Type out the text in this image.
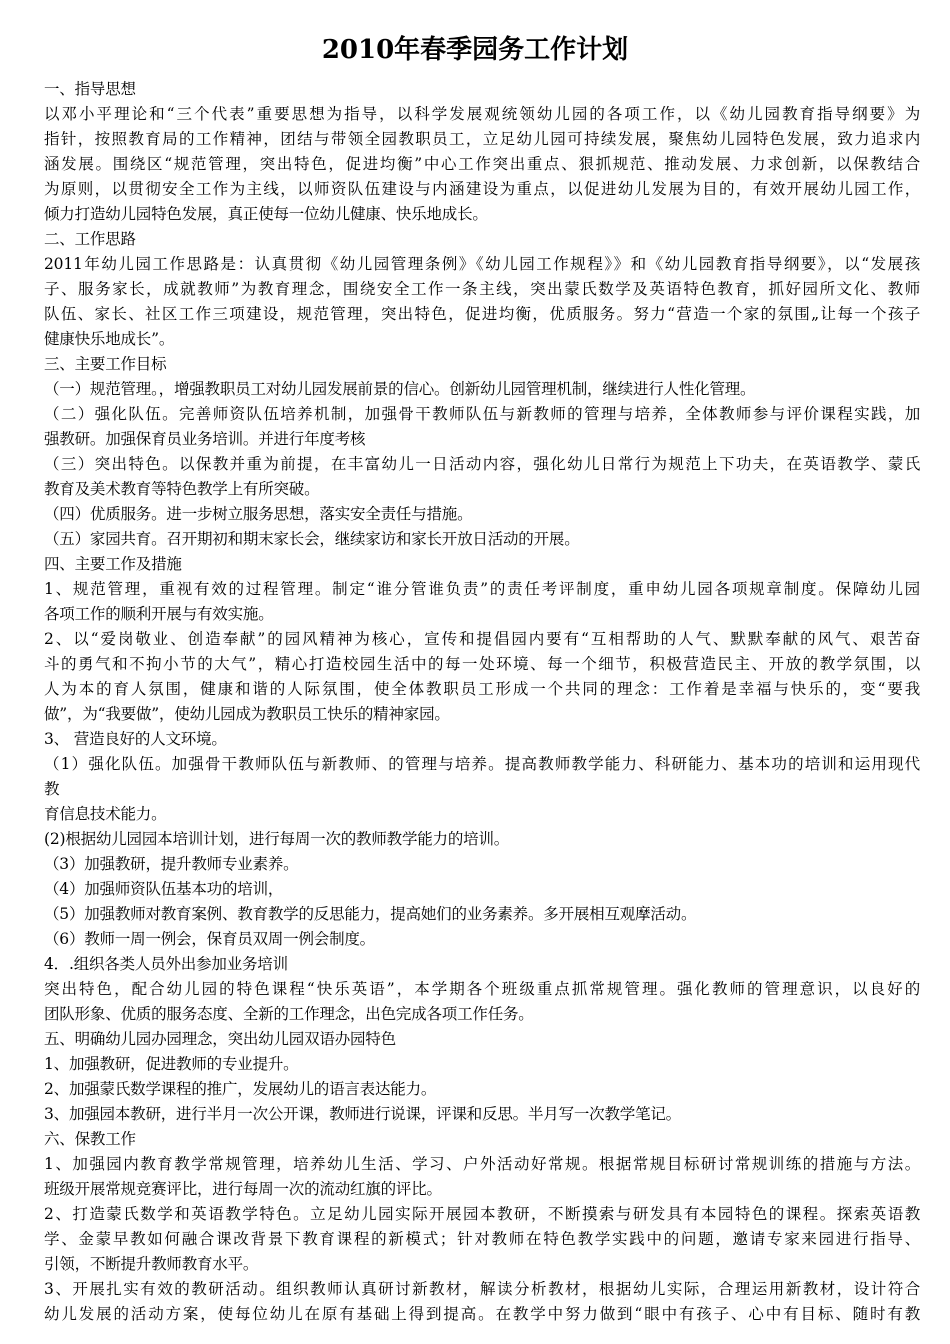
2010年春季园务工作计划
一、指导思想
以邓小平理论和“三个代表”重要思想为指导，以科学发展观统领幼儿园的各项工作，以《幼儿园教育指导纲要》为
指针，按照教育局的工作精神，团结与带领全园教职员工，立足幼儿园可持续发展，聚焦幼儿园特色发展，致力追求内
涵发展。围绕区“规范管理，突出特色，促进均衡”中心工作突出重点、狠抓规范、推动发展、力求创新，以保教结合
为原则，以贯彻安全工作为主线，以师资队伍建设与内涵建设为重点，以促进幼儿发展为目的，有效开展幼儿园工作，
倾力打造幼儿园特色发展，真正使每一位幼儿健康、快乐地成长。
二、工作思路
2011年幼儿园工作思路是：认真贯彻《幼儿园管理条例》《幼儿园工作规程》》和《幼儿园教育指导纲要》，以“发展孩
子、服务家长，成就教师”为教育理念，围绕安全工作一条主线，突出蒙氏数学及英语特色教育，抓好园所文化、教师
队伍、家长、社区工作三项建设，规范管理，突出特色，促进均衡，优质服务。努力“营造一个家的氛围„让每一个孩子
健康快乐地成长”。
三、主要工作目标
（一）规范管理。，增强教职员工对幼儿园发展前景的信心。创新幼儿园管理机制，继续进行人性化管理。
（二）强化队伍。完善师资队伍培养机制，加强骨干教师队伍与新教师的管理与培养，全体教师参与评价课程实践，加
强教研。加强保育员业务培训。并进行年度考核
（三）突出特色。以保教并重为前提，在丰富幼儿一日活动内容，强化幼儿日常行为规范上下功夫，在英语教学、蒙氏
教育及美术教育等特色教学上有所突破。
（四）优质服务。进一步树立服务思想，落实安全责任与措施。
（五）家园共育。召开期初和期末家长会，继续家访和家长开放日活动的开展。
四、主要工作及措施
1、规范管理，重视有效的过程管理。制定“谁分管谁负责”的责任考评制度，重申幼儿园各项规章制度。保障幼儿园
各项工作的顺利开展与有效实施。
2、以“爱岗敬业、创造奉献”的园风精神为核心，宣传和提倡园内要有“互相帮助的人气、默默奉献的风气、艰苦奋
斗的勇气和不拘小节的大气”，精心打造校园生活中的每一处环境、每一个细节，积极营造民主、开放的教学氛围，以
人为本的育人氛围，健康和谐的人际氛围，使全体教职员工形成一个共同的理念：工作着是幸福与快乐的，变“要我
做”，为“我要做”，使幼儿园成为教职员工快乐的精神家园。
3、 营造良好的人文环境。
（1）强化队伍。加强骨干教师队伍与新教师、的管理与培养。提高教师教学能力、科研能力、基本功的培训和运用现代
教
育信息技术能力。
(2)根据幼儿园园本培训计划，进行每周一次的教师教学能力的培训。
（3）加强教研，提升教师专业素养。
（4）加强师资队伍基本功的培训，
（5）加强教师对教育案例、教育教学的反思能力，提高她们的业务素养。多开展相互观摩活动。
（6）教师一周一例会，保育员双周一例会制度。
4．.组织各类人员外出参加业务培训
突出特色，配合幼儿园的特色课程“快乐英语”，本学期各个班级重点抓常规管理。强化教师的管理意识，以良好的
团队形象、优质的服务态度、全新的工作理念，出色完成各项工作任务。
五、明确幼儿园办园理念，突出幼儿园双语办园特色
1、加强教研，促进教师的专业提升。
2、加强蒙氏数学课程的推广，发展幼儿的语言表达能力。
3、加强园本教研，进行半月一次公开课，教师进行说课，评课和反思。半月写一次教学笔记。
六、保教工作
1、加强园内教育教学常规管理，培养幼儿生活、学习、户外活动好常规。根据常规目标研讨常规训练的措施与方法。
班级开展常规竞赛评比，进行每周一次的流动红旗的评比。
2、打造蒙氏数学和英语教学特色。立足幼儿园实际开展园本教研，不断摸索与研发具有本园特色的课程。探索英语教
学、金蒙早教如何融合课改背景下教育课程的新模式；针对教师在特色教学实践中的问题，邀请专家来园进行指导、
引领，不断提升教师教育水平。
3、开展扎实有效的教研活动。组织教师认真研讨新教材，解读分析教材，根据幼儿实际，合理运用新教材，设计符合
幼儿发展的活动方案，使每位幼儿在原有基础上得到提高。在教学中努力做到“眼中有孩子、心中有目标、随时有教
